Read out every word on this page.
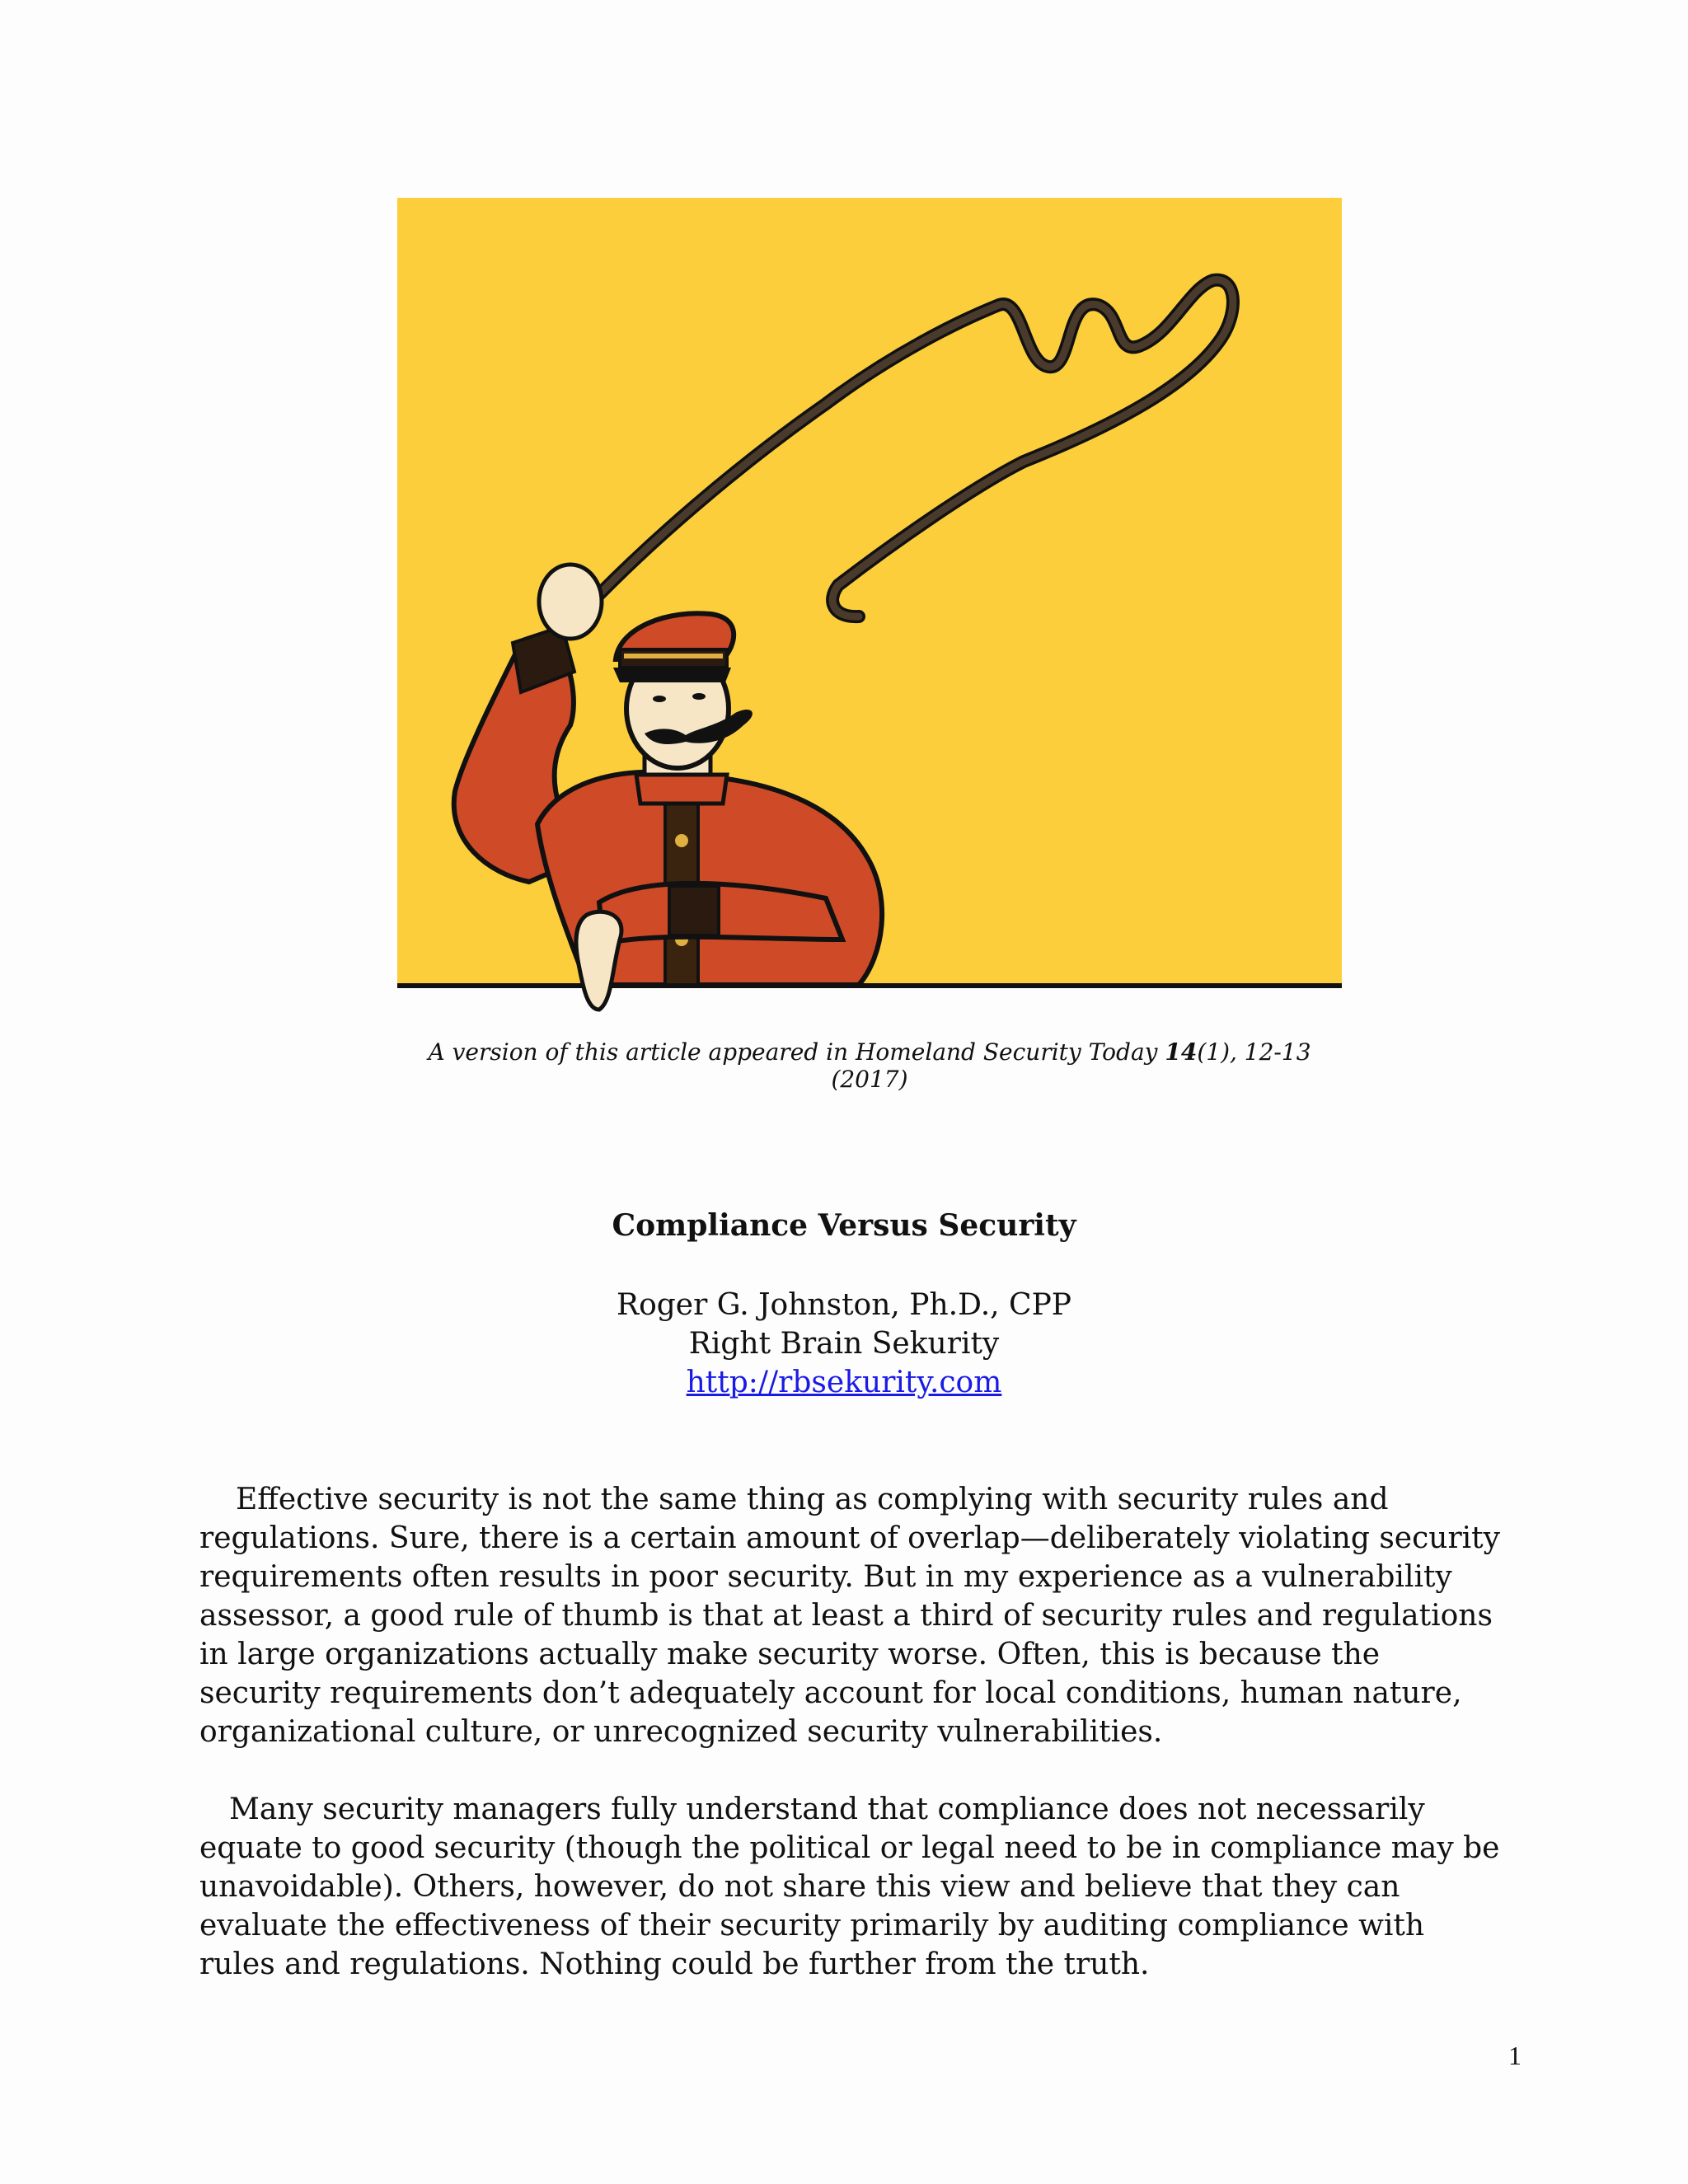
A version of this article appeared in Homeland Security Today 14(1), 12-13 (2017)
Compliance Versus Security
Roger G. Johnston, Ph.D., CPP
Right Brain Sekurity
http://rbsekurity.com

Effective security is not the same thing as complying with security rules and regulations. Sure, there is a certain amount of overlap—deliberately violating security requirements often results in poor security. But in my experience as a vulnerability assessor, a good rule of thumb is that at least a third of security rules and regulations in large organizations actually make security worse. Often, this is because the security requirements don’t adequately account for local conditions, human nature, organizational culture, or unrecognized security vulnerabilities.

Many security managers fully understand that compliance does not necessarily equate to good security (though the political or legal need to be in compliance may be unavoidable). Others, however, do not share this view and believe that they can evaluate the effectiveness of their security primarily by auditing compliance with rules and regulations. Nothing could be further from the truth.

1
